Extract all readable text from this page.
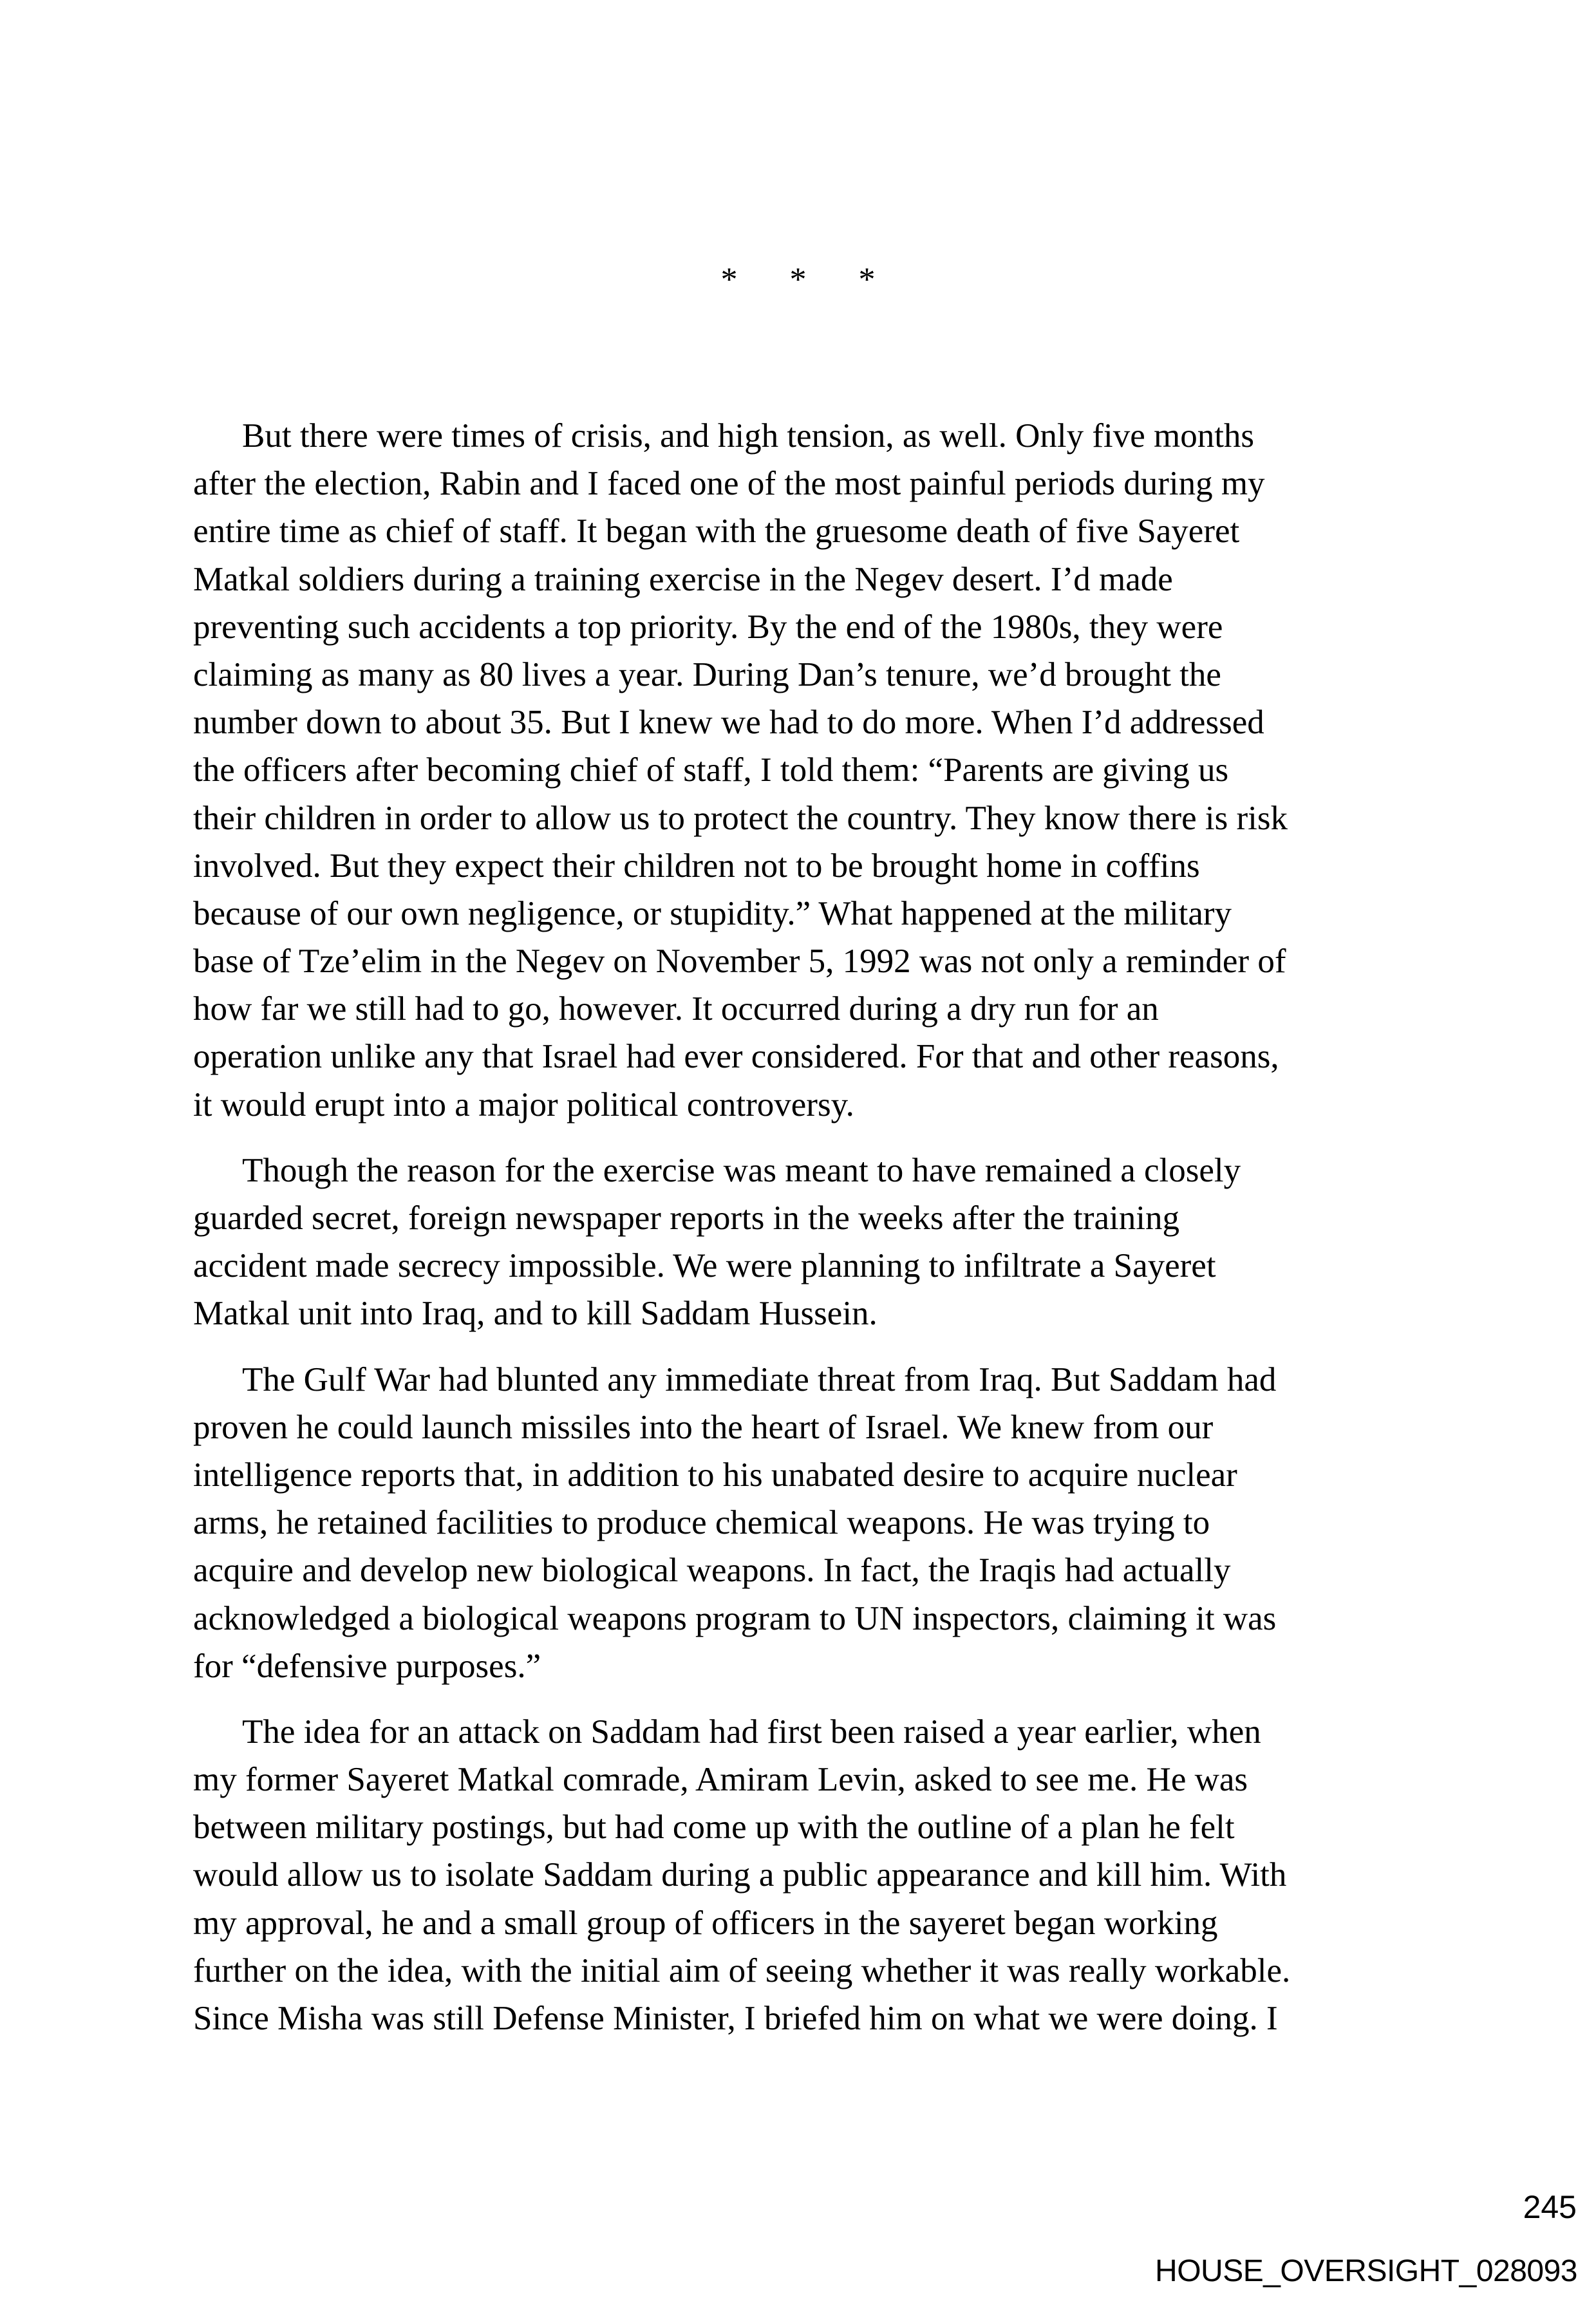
* * *

But there were times of crisis, and high tension, as well. Only five months
after the election, Rabin and I faced one of the most painful periods during my
entire time as chief of staff. It began with the gruesome death of five Sayeret
Matkal soldiers during a training exercise in the Negev desert. I’d made
preventing such accidents a top priority. By the end of the 1980s, they were
claiming as many as 80 lives a year. During Dan’s tenure, we’d brought the
number down to about 35. But I knew we had to do more. When I’d addressed
the officers after becoming chief of staff, I told them: “Parents are giving us
their children in order to allow us to protect the country. They know there is risk
involved. But they expect their children not to be brought home in coffins
because of our own negligence, or stupidity.” What happened at the military
base of Tze’elim in the Negev on November 5, 1992 was not only a reminder of
how far we still had to go, however. It occurred during a dry run for an
operation unlike any that Israel had ever considered. For that and other reasons,
it would erupt into a major political controversy.

Though the reason for the exercise was meant to have remained a closely
guarded secret, foreign newspaper reports in the weeks after the training
accident made secrecy impossible. We were planning to infiltrate a Sayeret
Matkal unit into Iraq, and to kill Saddam Hussein.

The Gulf War had blunted any immediate threat from Iraq. But Saddam had
proven he could launch missiles into the heart of Israel. We knew from our
intelligence reports that, in addition to his unabated desire to acquire nuclear
arms, he retained facilities to produce chemical weapons. He was trying to
acquire and develop new biological weapons. In fact, the Iraqis had actually
acknowledged a biological weapons program to UN inspectors, claiming it was
for “defensive purposes.”

The idea for an attack on Saddam had first been raised a year earlier, when
my former Sayeret Matkal comrade, Amiram Levin, asked to see me. He was
between military postings, but had come up with the outline of a plan he felt
would allow us to isolate Saddam during a public appearance and kill him. With
my approval, he and a small group of officers in the sayeret began working
further on the idea, with the initial aim of seeing whether it was really workable.
Since Misha was still Defense Minister, I briefed him on what we were doing. I

245
HOUSE_OVERSIGHT_028093
